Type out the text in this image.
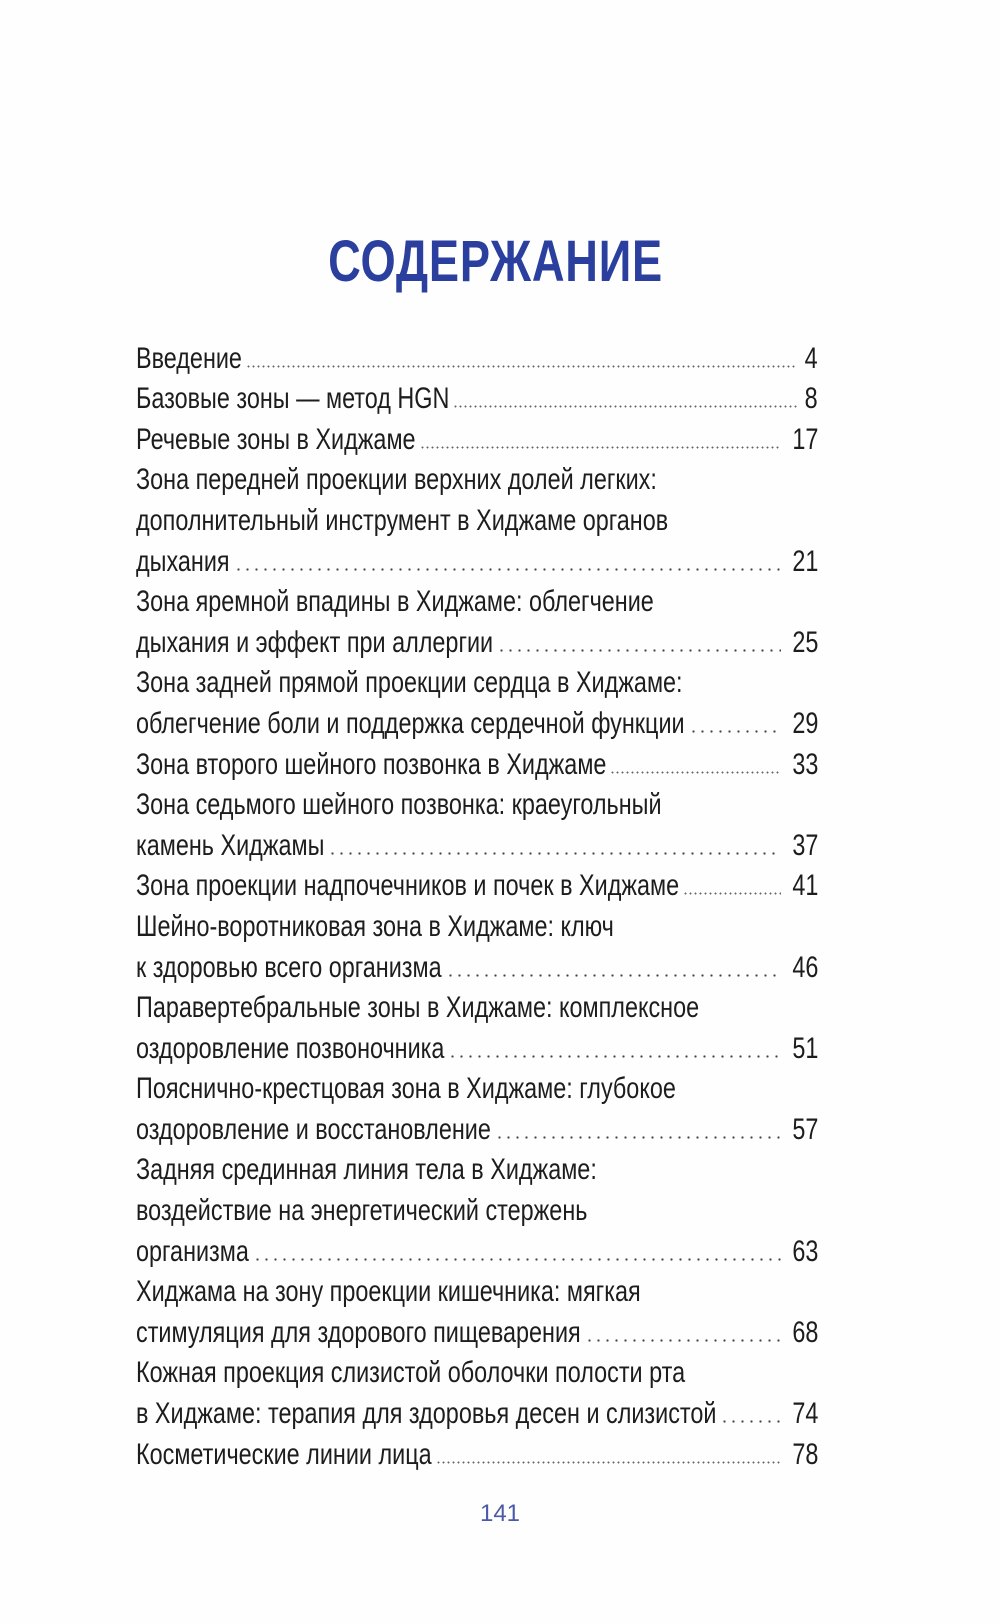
СОДЕРЖАНИЕ
Введение	4
Базовые зоны — метод HGN	8
Речевые зоны в Хиджаме	17
Зона передней проекции верхних долей легких:
дополнительный инструмент в Хиджаме органов
дыхания	21
Зона яремной впадины в Хиджаме: облегчение
дыхания и эффект при аллергии	25
Зона задней прямой проекции сердца в Хиджаме:
облегчение боли и поддержка сердечной функции	29
Зона второго шейного позвонка в Хиджаме	33
Зона седьмого шейного позвонка: краеугольный
камень Хиджамы	37
Зона проекции надпочечников и почек в Хиджаме	41
Шейно-воротниковая зона в Хиджаме: ключ
к здоровью всего организма	46
Паравертебральные зоны в Хиджаме: комплексное
оздоровление позвоночника	51
Пояснично-крестцовая зона в Хиджаме: глубокое
оздоровление и восстановление	57
Задняя срединная линия тела в Хиджаме:
воздействие на энергетический стержень
организма	63
Хиджама на зону проекции кишечника: мягкая
стимуляция для здорового пищеварения	68
Кожная проекция слизистой оболочки полости рта
в Хиджаме: терапия для здоровья десен и слизистой	74
Косметические линии лица	78
141
